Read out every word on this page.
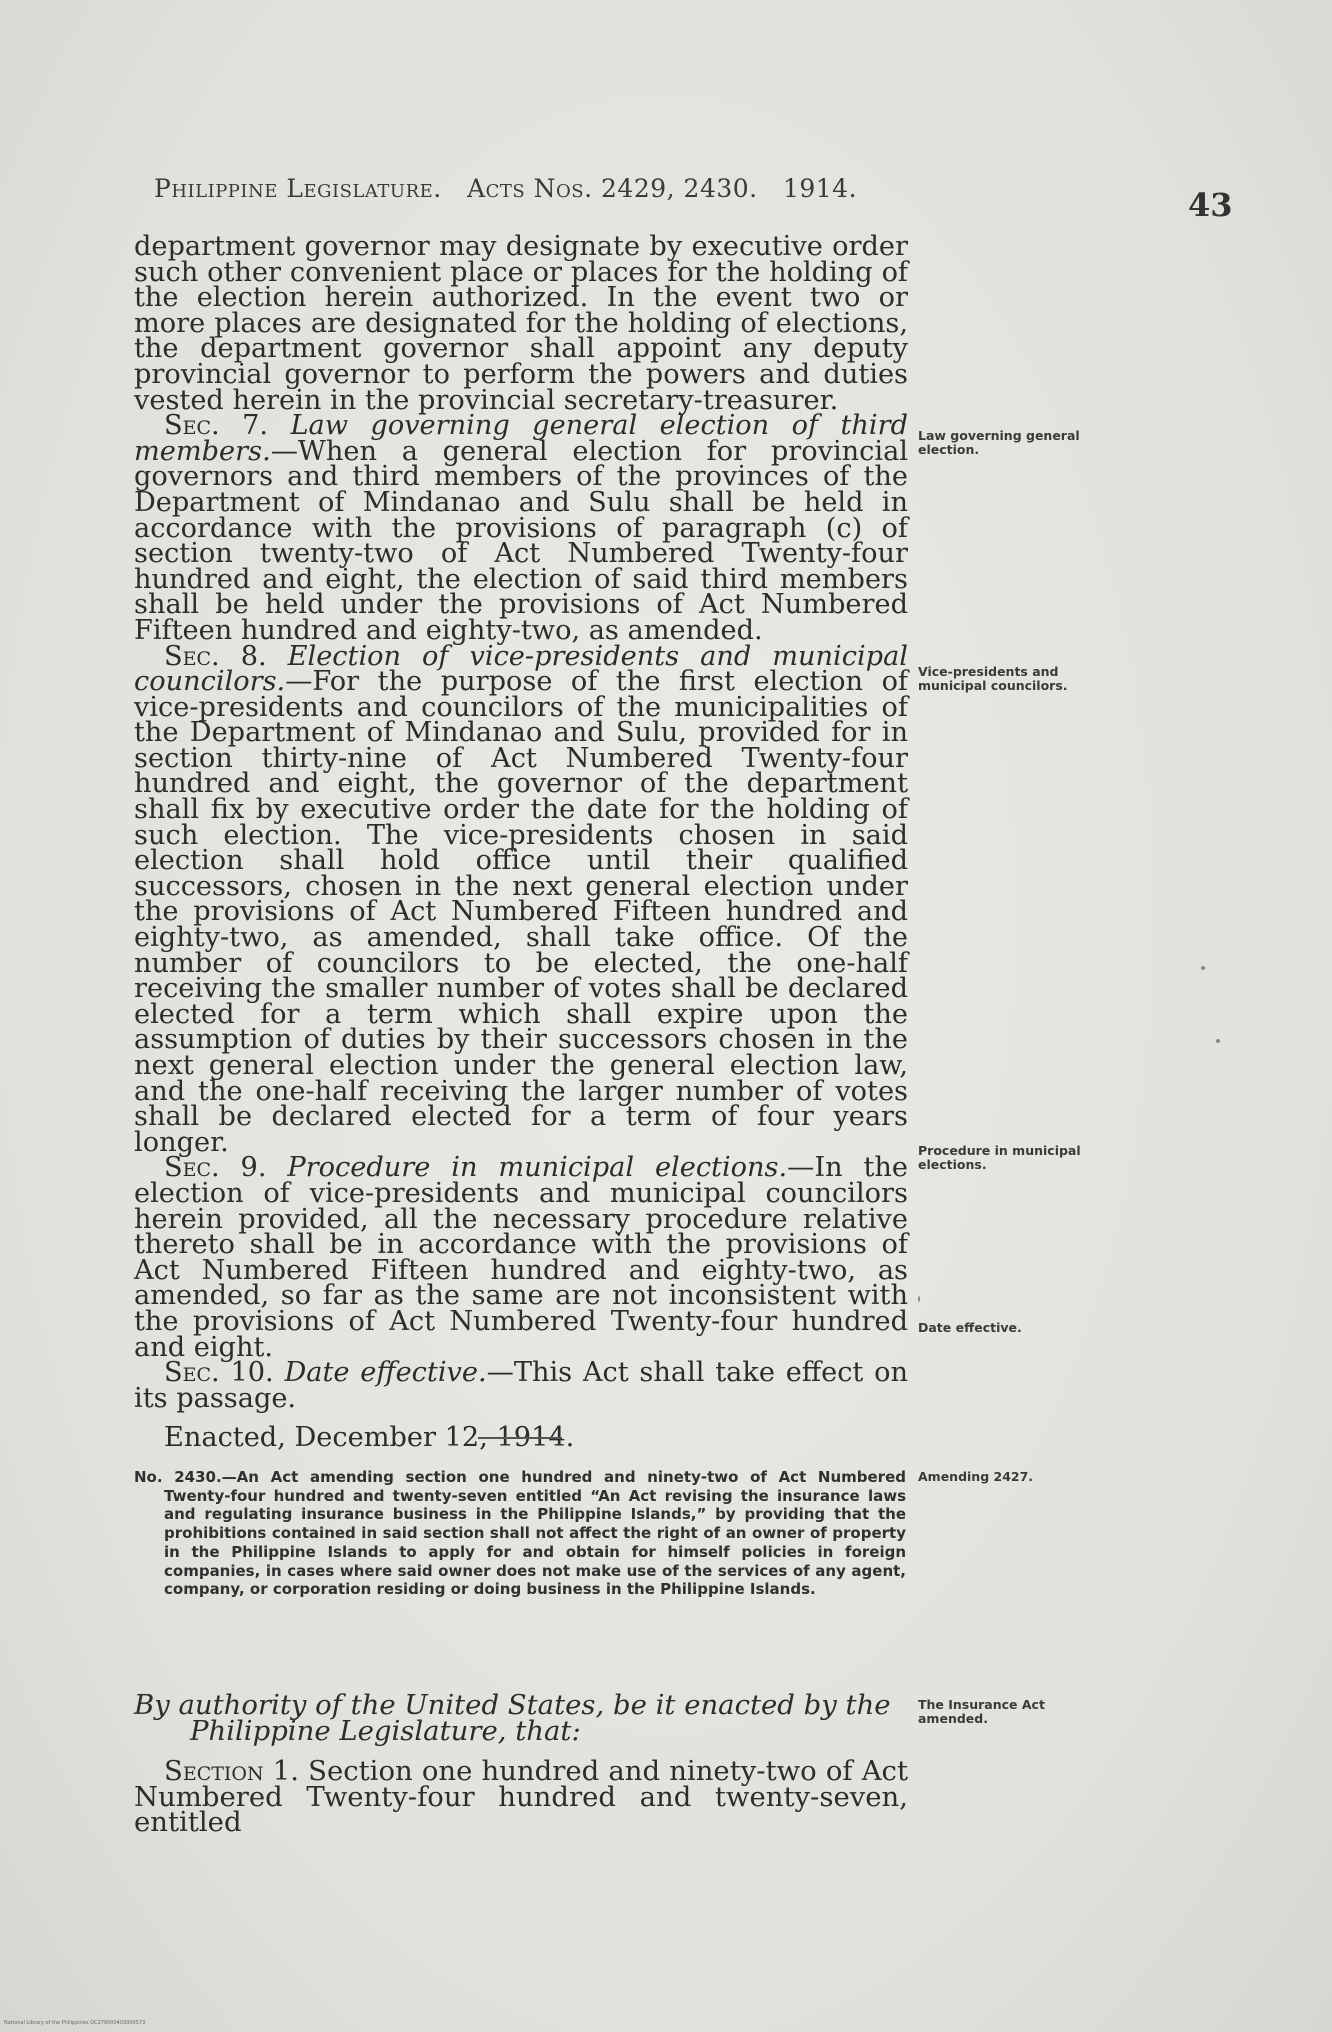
Philippine Legislature. Acts Nos. 2429, 2430. 1914.	43

department governor may designate by executive order such other convenient place or places for the holding of the election herein authorized. In the event two or more places are designated for the holding of elections, the department governor shall appoint any deputy provincial governor to perform the powers and duties vested herein in the provincial secretary-treasurer.

Sec. 7. Law governing general election of third members.—When a general election for provincial governors and third members of the provinces of the Department of Mindanao and Sulu shall be held in accordance with the provisions of paragraph (c) of section twenty-two of Act Numbered Twenty-four hundred and eight, the election of said third members shall be held under the provisions of Act Numbered Fifteen hundred and eighty-two, as amended.

Sec. 8. Election of vice-presidents and municipal councilors.—For the purpose of the first election of vice-presidents and councilors of the municipalities of the Department of Mindanao and Sulu, provided for in section thirty-nine of Act Numbered Twenty-four hundred and eight, the governor of the department shall fix by executive order the date for the holding of such election. The vice-presidents chosen in said election shall hold office until their qualified successors, chosen in the next general election under the provisions of Act Numbered Fifteen hundred and eighty-two, as amended, shall take office. Of the number of councilors to be elected, the one-half receiving the smaller number of votes shall be declared elected for a term which shall expire upon the assumption of duties by their successors chosen in the next general election under the general election law, and the one-half receiving the larger number of votes shall be declared elected for a term of four years longer.

Sec. 9. Procedure in municipal elections.—In the election of vice-presidents and municipal councilors herein provided, all the necessary procedure relative thereto shall be in accordance with the provisions of Act Numbered Fifteen hundred and eighty-two, as amended, so far as the same are not inconsistent with the provisions of Act Numbered Twenty-four hundred and eight.

Sec. 10. Date effective.—This Act shall take effect on its passage.

Enacted, December 12, 1914.

Law governing general election.
Vice-presidents and municipal councilors.
Procedure in municipal elections.
Date effective.
Amending 2427.
The Insurance Act amended.

No. 2430.—An Act amending section one hundred and ninety-two of Act Numbered Twenty-four hundred and twenty-seven entitled “An Act revising the insurance laws and regulating insurance business in the Philippine Islands,” by providing that the prohibitions contained in said section shall not affect the right of an owner of property in the Philippine Islands to apply for and obtain for himself policies in foreign companies, in cases where said owner does not make use of the services of any agent, company, or corporation residing or doing business in the Philippine Islands.

By authority of the United States, be it enacted by the
Philippine Legislature, that:

Section 1. Section one hundred and ninety-two of Act Numbered Twenty-four hundred and twenty-seven, entitled

National Library of the Philippines DC279000403000573
